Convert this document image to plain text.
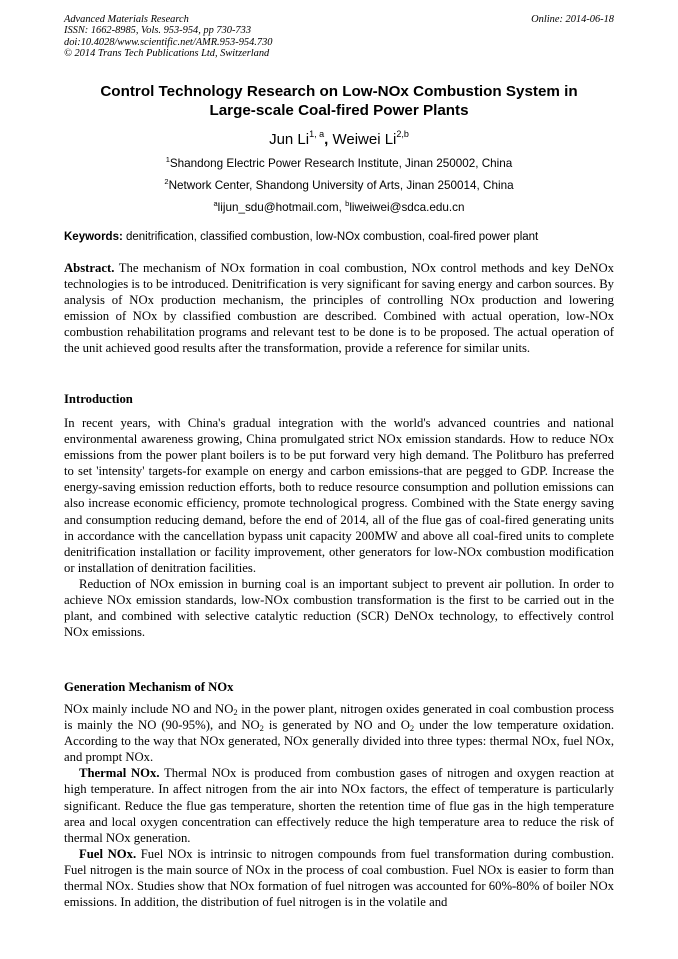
Advanced Materials Research
ISSN: 1662-8985, Vols. 953-954, pp 730-733
doi:10.4028/www.scientific.net/AMR.953-954.730
© 2014 Trans Tech Publications Ltd, Switzerland
Online: 2014-06-18
Control Technology Research on Low-NOx Combustion System in
Large-scale Coal-fired Power Plants
Jun Li$^{1, a}$, Weiwei Li$^{2,b}$
$^1$Shandong Electric Power Research Institute, Jinan 250002, China
$^2$Network Center, Shandong University of Arts, Jinan 250014, China
$^a$lijun_sdu@hotmail.com, $^b$liweiwei@sdca.edu.cn
Keywords: denitrification, classified combustion, low-NOx combustion, coal-fired power plant

Abstract. The mechanism of NOx formation in coal combustion, NOx control methods and key DeNOx technologies is to be introduced. Denitrification is very significant for saving energy and carbon sources. By analysis of NOx production mechanism, the principles of controlling NOx production and lowering emission of NOx by classified combustion are described. Combined with actual operation, low-NOx combustion rehabilitation programs and relevant test to be done is to be proposed. The actual operation of the unit achieved good results after the transformation, provide a reference for similar units.

Introduction

In recent years, with China's gradual integration with the world's advanced countries and national environmental awareness growing, China promulgated strict NOx emission standards. How to reduce NOx emissions from the power plant boilers is to be put forward very high demand. The Politburo has preferred to set 'intensity' targets-for example on energy and carbon emissions-that are pegged to GDP. Increase the energy-saving emission reduction efforts, both to reduce resource consumption and pollution emissions can also increase economic efficiency, promote technological progress. Combined with the State energy saving and consumption reducing demand, before the end of 2014, all of the flue gas of coal-fired generating units in accordance with the cancellation bypass unit capacity 200MW and above all coal-fired units to complete denitrification installation or facility improvement, other generators for low-NOx combustion modification or installation of denitration facilities.

Reduction of NOx emission in burning coal is an important subject to prevent air pollution. In order to achieve NOx emission standards, low-NOx combustion transformation is the first to be carried out in the plant, and combined with selective catalytic reduction (SCR) DeNOx technology, to effectively control NOx emissions.

Generation Mechanism of NOx

NOx mainly include NO and $NO_2$ in the power plant, nitrogen oxides generated in coal combustion process is mainly the NO (90-95%), and $NO_2$ is generated by NO and $O_2$ under the low temperature oxidation. According to the way that NOx generated, NOx generally divided into three types: thermal NOx, fuel NOx, and prompt NOx.

Thermal NOx. Thermal NOx is produced from combustion gases of nitrogen and oxygen reaction at high temperature. In affect nitrogen from the air into NOx factors, the effect of temperature is particularly significant. Reduce the flue gas temperature, shorten the retention time of flue gas in the high temperature area and local oxygen concentration can effectively reduce the high temperature area to reduce the risk of thermal NOx generation.

Fuel NOx. Fuel NOx is intrinsic to nitrogen compounds from fuel transformation during combustion. Fuel nitrogen is the main source of NOx in the process of coal combustion. Fuel NOx is easier to form than thermal NOx. Studies show that NOx formation of fuel nitrogen was accounted for 60%-80% of boiler NOx emissions. In addition, the distribution of fuel nitrogen is in the volatile and
